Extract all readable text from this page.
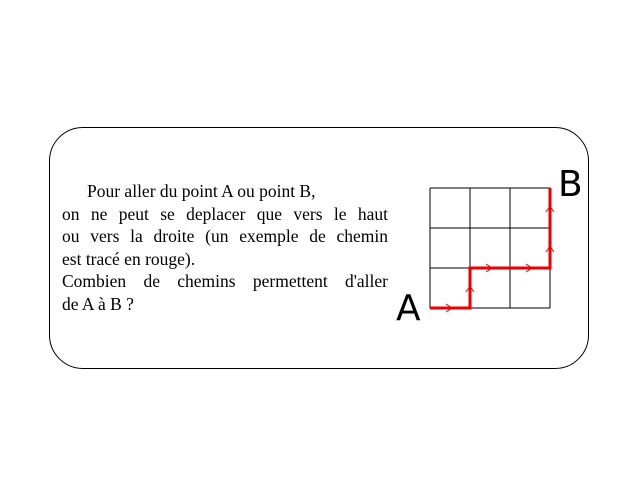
Pour aller du point A ou point B,
on ne peut se deplacer que vers le haut
ou vers la droite (un exemple de chemin
est tracé en rouge).
Combien de chemins permettent d'aller
de A à B ?	A
B
